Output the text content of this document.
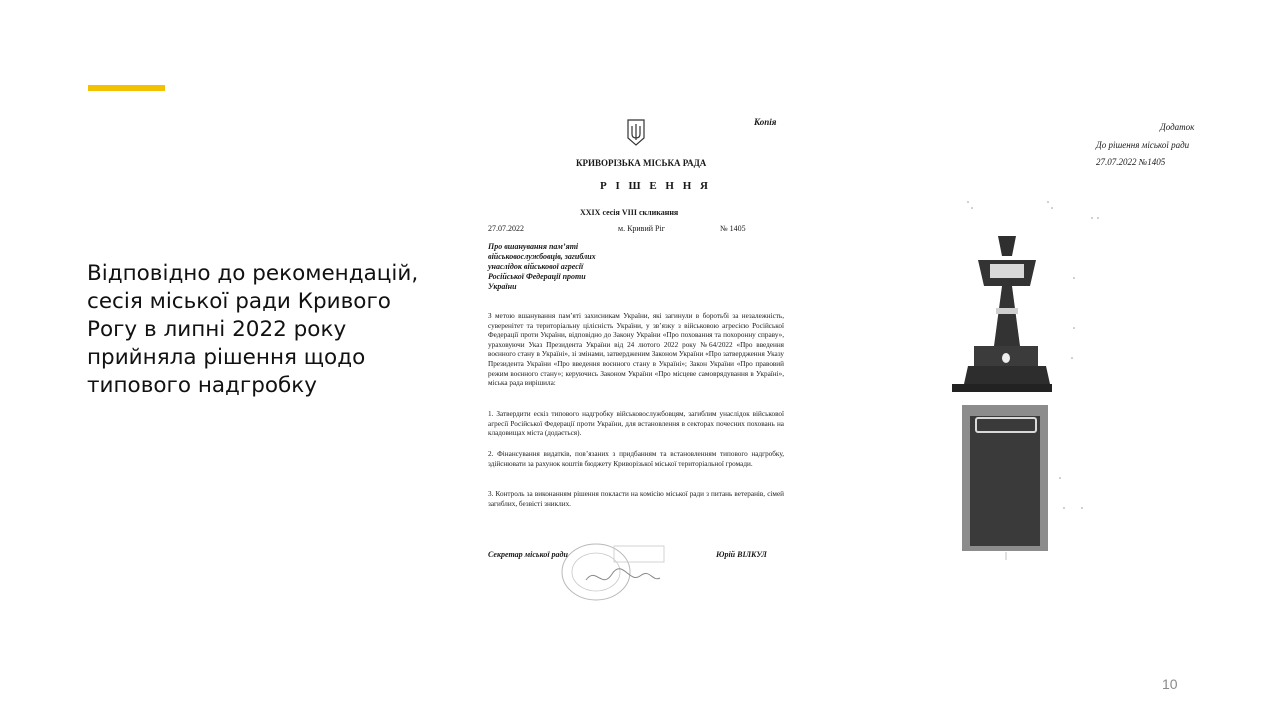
Відповідно до рекомендацій,
сесія міської ради Кривого
Рогу в липні 2022 року
прийняла рішення щодо
типового надгробку
Копія
КРИВОРІЗЬКА МІСЬКА РАДА
Р І Ш Е Н Н Я
XXIX сесія VIII скликання
27.07.2022	м. Кривий Ріг	№ 1405
Про вшанування пам’яті
військовослужбовців, загиблих
унаслідок військової агресії
Російської Федерації проти
України
З метою вшанування пам’яті захисникам України, які загинули в боротьбі за незалежність, суверенітет та територіальну цілісність України, у зв’язку з військовою агресією Російської Федерації проти України, відповідно до Закону України «Про поховання та похоронну справу», ураховуючи Указ Президента України від 24 лютого 2022 року №64/2022 «Про введення воєнного стану в Україні», зі змінами, затвердженим Законом України «Про затвердження Указу Президента України «Про введення воєнного стану в Україні»; Закон України «Про правовий режим воєнного стану»; керуючись Законом України «Про місцеве самоврядування в Україні», міська рада вирішила:
1. Затвердити ескіз типового надгробку військовослужбовцям, загиблим унаслідок військової агресії Російської Федерації проти України, для встановлення в секторах почесних поховань на кладовищах міста (додається).
2. Фінансування видатків, пов’язаних з придбанням та встановленням типового надгробку, здійснювати за рахунок коштів бюджету Криворізької міської територіальної громади.
3. Контроль за виконанням рішення покласти на комісію міської ради з питань ветеранів, сімей загиблих, безвісті зниклих.
Секретар міської ради	Юрій ВІЛКУЛ
Додаток
До рішення міської ради
27.07.2022 №1405
10
